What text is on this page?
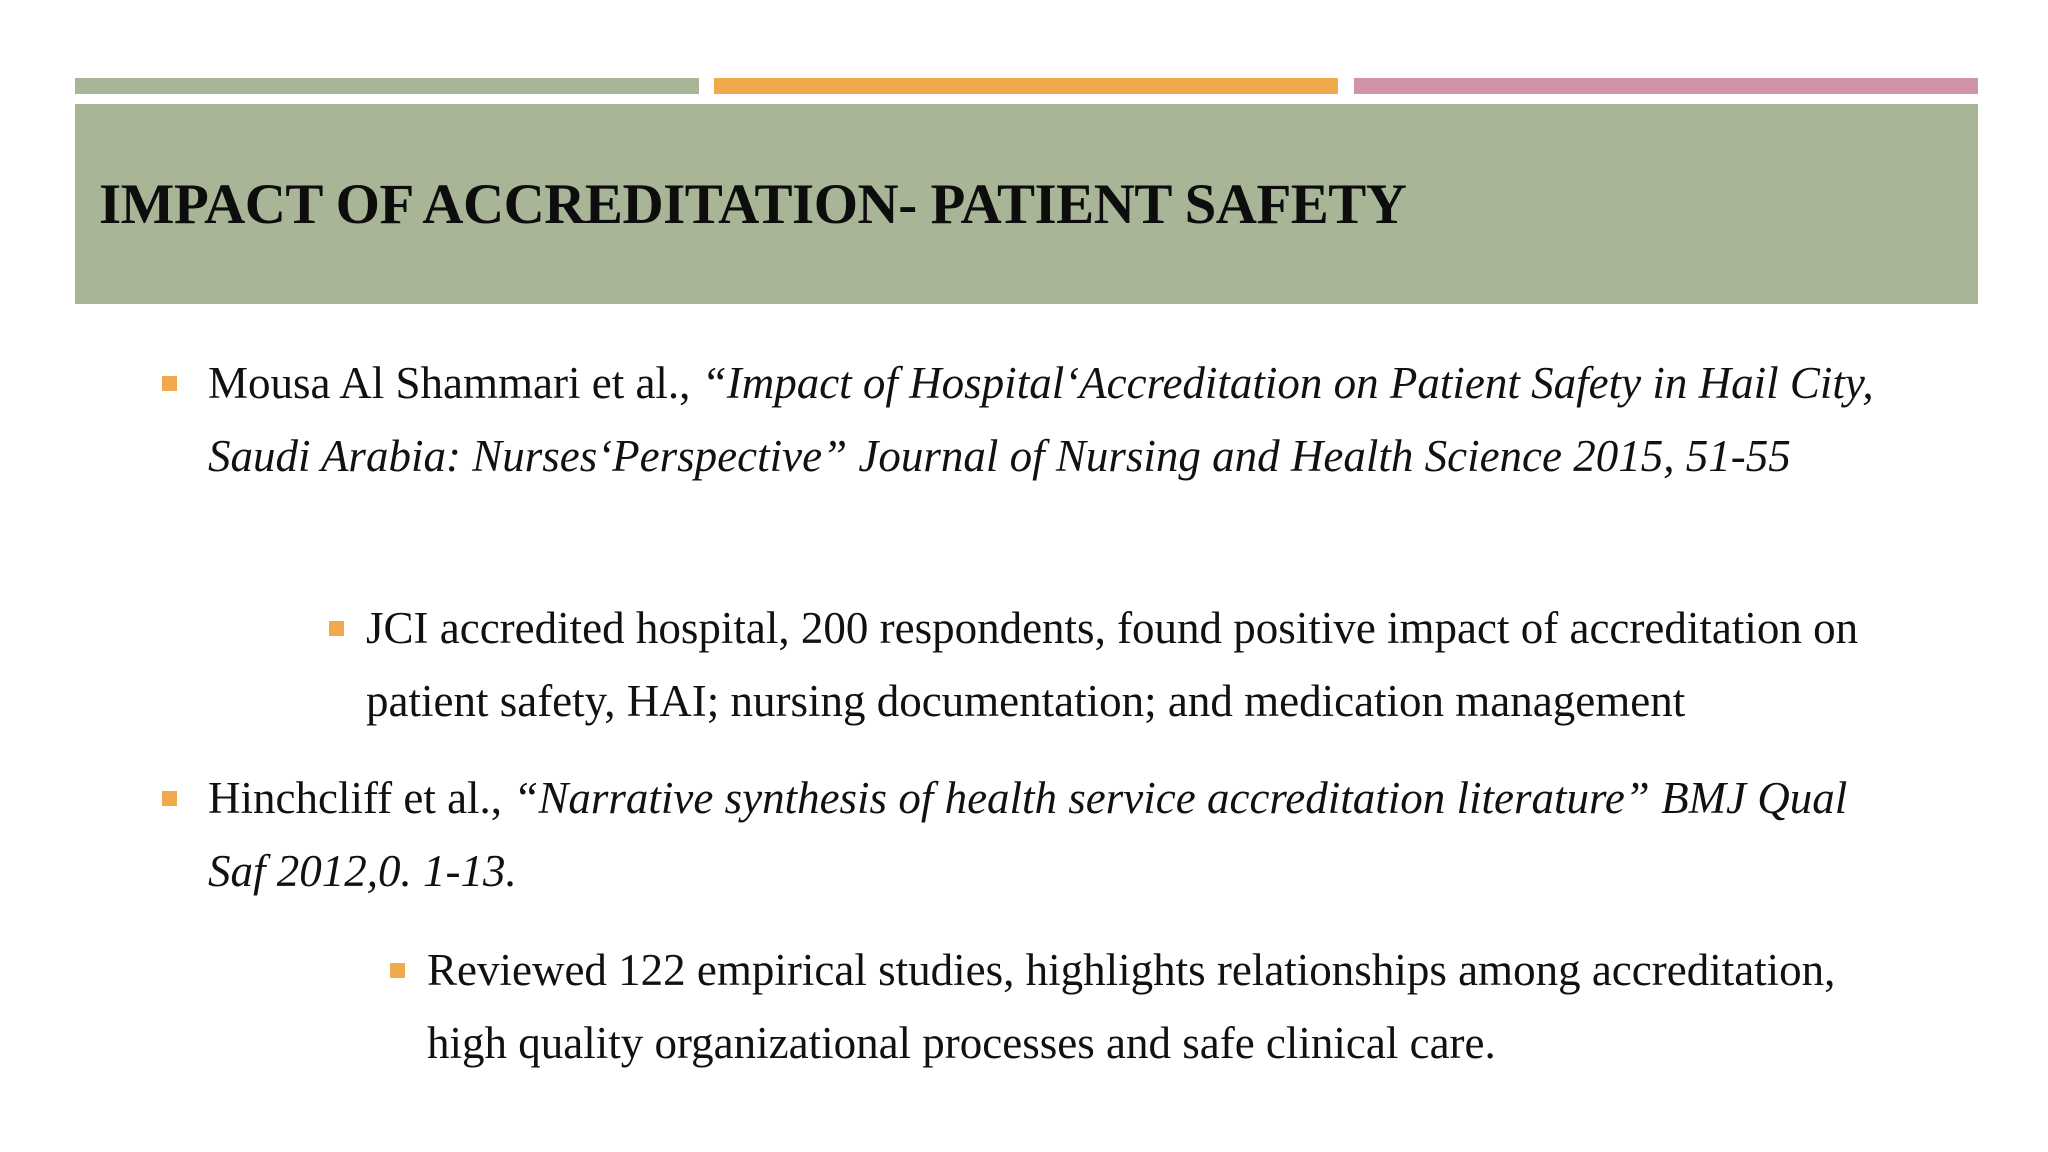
IMPACT OF ACCREDITATION- PATIENT SAFETY
Mousa Al Shammari et al., “Impact of Hospital‘Accreditation on Patient Safety in Hail City, Saudi Arabia: Nurses‘Perspective” Journal of Nursing and Health Science 2015, 51-55
JCI accredited hospital, 200 respondents, found positive impact of accreditation on patient safety, HAI; nursing documentation; and medication management
Hinchcliff et al., “Narrative synthesis of health service accreditation literature” BMJ Qual Saf 2012,0. 1-13.
Reviewed 122 empirical studies, highlights relationships among accreditation, high quality organizational processes and safe clinical care.
